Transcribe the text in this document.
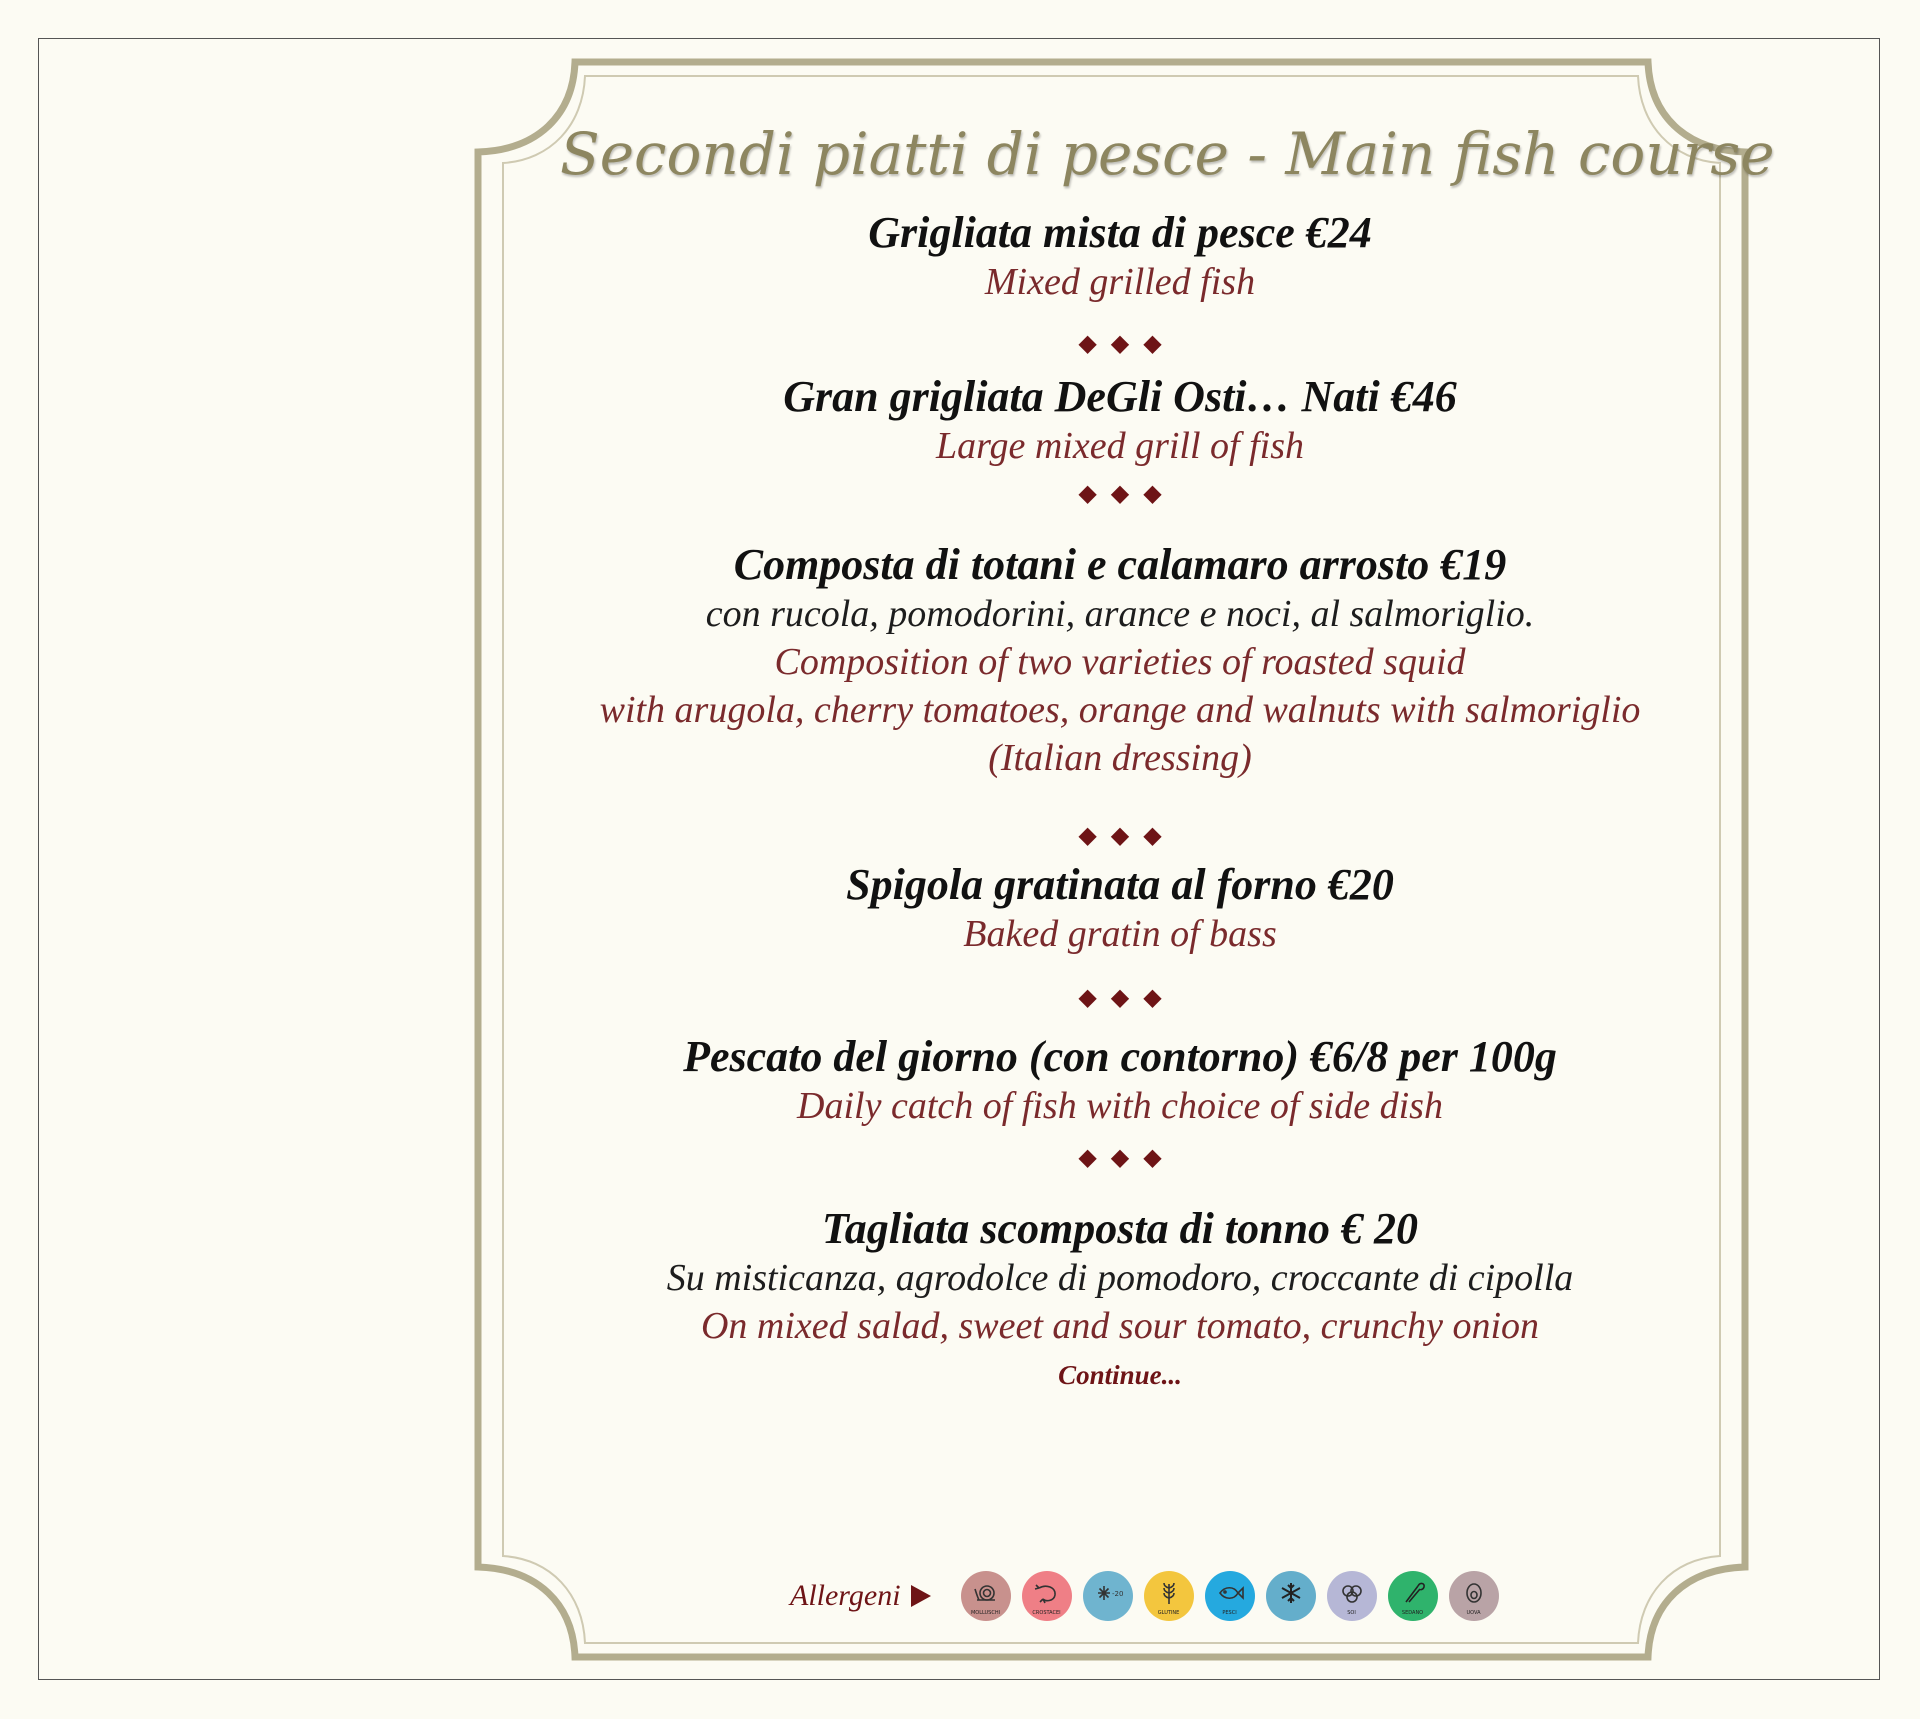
Secondi piatti di pesce - Main fish course
Grigliata mista di pesce €24
Mixed grilled fish
◆◆◆
Gran grigliata DeGli Osti… Nati €46
Large mixed grill of fish
◆◆◆
Composta di totani e calamaro arrosto €19
con rucola, pomodorini, arance e noci, al salmoriglio.
Composition of two varieties of roasted squid
with arugola, cherry tomatoes, orange and walnuts with salmoriglio
(Italian dressing)
◆◆◆
Spigola gratinata al forno €20
Baked gratin of bass
◆◆◆
Pescato del giorno (con contorno) €6/8 per 100g
Daily catch of fish with choice of side dish
◆◆◆
Tagliata scomposta di tonno € 20
Su misticanza, agrodolce di pomodoro, croccante di cipolla
On mixed salad, sweet and sour tomato, crunchy onion
Continue...
Allergeni
MOLLUSCHI	CROSTACEI
-20
GLUTINE	PESCI	SOI	SEDANO	UOVA
